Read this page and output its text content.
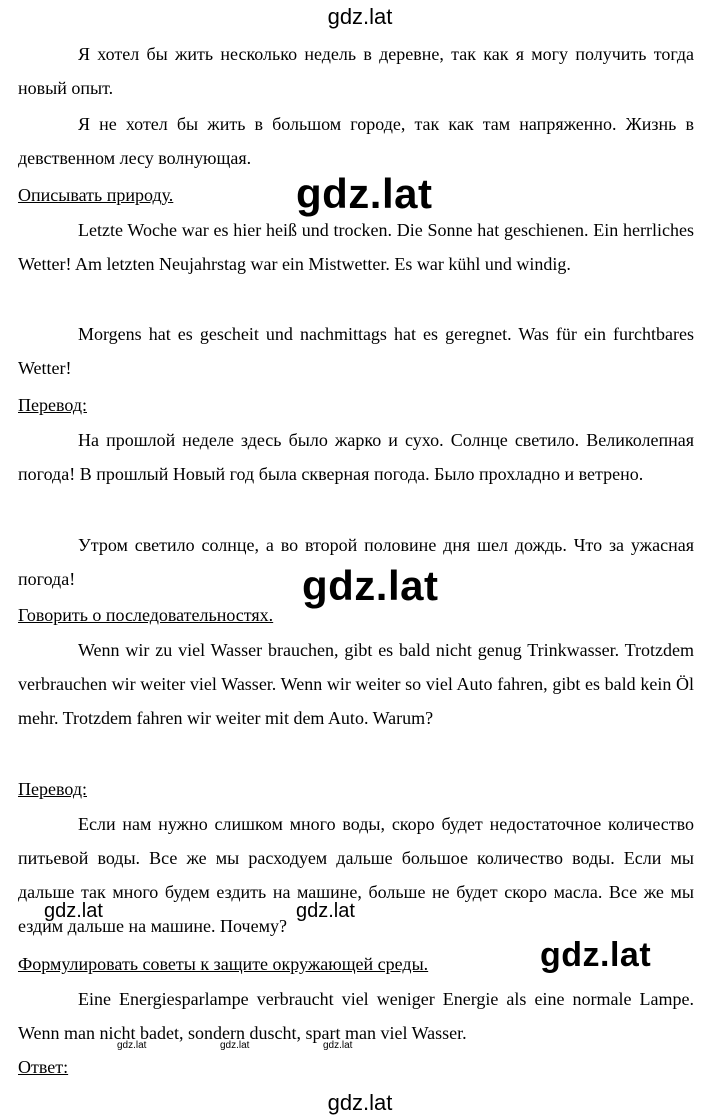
gdz.lat

Я хотел бы жить несколько недель в деревне, так как я могу получить тогда новый опыт.

Я не хотел бы жить в большом городе, так как там напряженно. Жизнь в девственном лесу волнующая.

Описывать природу.

Letzte Woche war es hier heiß und trocken. Die Sonne hat geschienen. Ein herrliches Wetter! Am letzten Neujahrstag war ein Mistwetter. Es war kühl und windig.

Morgens hat es gescheit und nachmittags hat es geregnet. Was für ein furchtbares Wetter!

Перевод:

На прошлой неделе здесь было жарко и сухо. Солнце светило. Великолепная погода! В прошлый Новый год была скверная погода. Было прохладно и ветрено.

Утром светило солнце, а во второй половине дня шел дождь. Что за ужасная погода!

Говорить о последовательностях.

Wenn wir zu viel Wasser brauchen, gibt es bald nicht genug Trinkwasser. Trotzdem verbrauchen wir weiter viel Wasser. Wenn wir weiter so viel Auto fahren, gibt es bald kein Öl mehr. Trotzdem fahren wir weiter mit dem Auto. Warum?

Перевод:

Если нам нужно слишком много воды, скоро будет недостаточное количество питьевой воды. Все же мы расходуем дальше большое количество воды. Если мы дальше так много будем ездить на машине, больше не будет скоро масла. Все же мы ездим дальше на машине. Почему?

Формулировать советы к защите окружающей среды.

Eine Energiesparlampe verbraucht viel weniger Energie als eine normale Lampe. Wenn man nicht badet, sondern duscht, spart man viel Wasser.

Ответ:

gdz.lat
gdz.lat
gdz.lat
gdz.lat	gdz.lat
gdz.lat	gdz.lat	gdz.lat
gdz.lat
